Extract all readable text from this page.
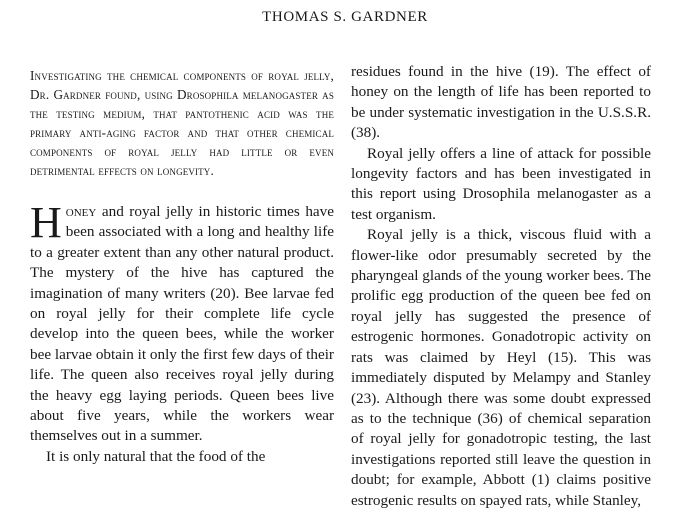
THOMAS S. GARDNER

Investigating the chemical components of royal jelly, Dr. Gardner found, using Drosophila melanogaster as the testing medium, that pantothenic acid was the primary anti-aging factor and that other chemical components of royal jelly had little or even detrimental effects on longevity.

Honey and royal jelly in historic times have been associated with a long and healthy life to a greater extent than any other natural product. The mystery of the hive has captured the imagination of many writers (20). Bee larvae fed on royal jelly for their complete life cycle develop into the queen bees, while the worker bee larvae obtain it only the first few days of their life. The queen also receives royal jelly during the heavy egg laying periods. Queen bees live about five years, while the workers wear themselves out in a summer.

It is only natural that the food of the

residues found in the hive (19). The effect of honey on the length of life has been reported to be under systematic investigation in the U.S.S.R. (38).

Royal jelly offers a line of attack for possible longevity factors and has been investigated in this report using Drosophila melanogaster as a test organism.

Royal jelly is a thick, viscous fluid with a flower-like odor presumably secreted by the pharyngeal glands of the young worker bees. The prolific egg production of the queen bee fed on royal jelly has suggested the presence of estrogenic hormones. Gonadotropic activity on rats was claimed by Heyl (15). This was immediately disputed by Melampy and Stanley (23). Although there was some doubt expressed as to the technique (36) of chemical separation of royal jelly for gonadotropic testing, the last investigations reported still leave the question in doubt; for example, Abbott (1) claims positive estrogenic results on spayed rats, while Stanley,
